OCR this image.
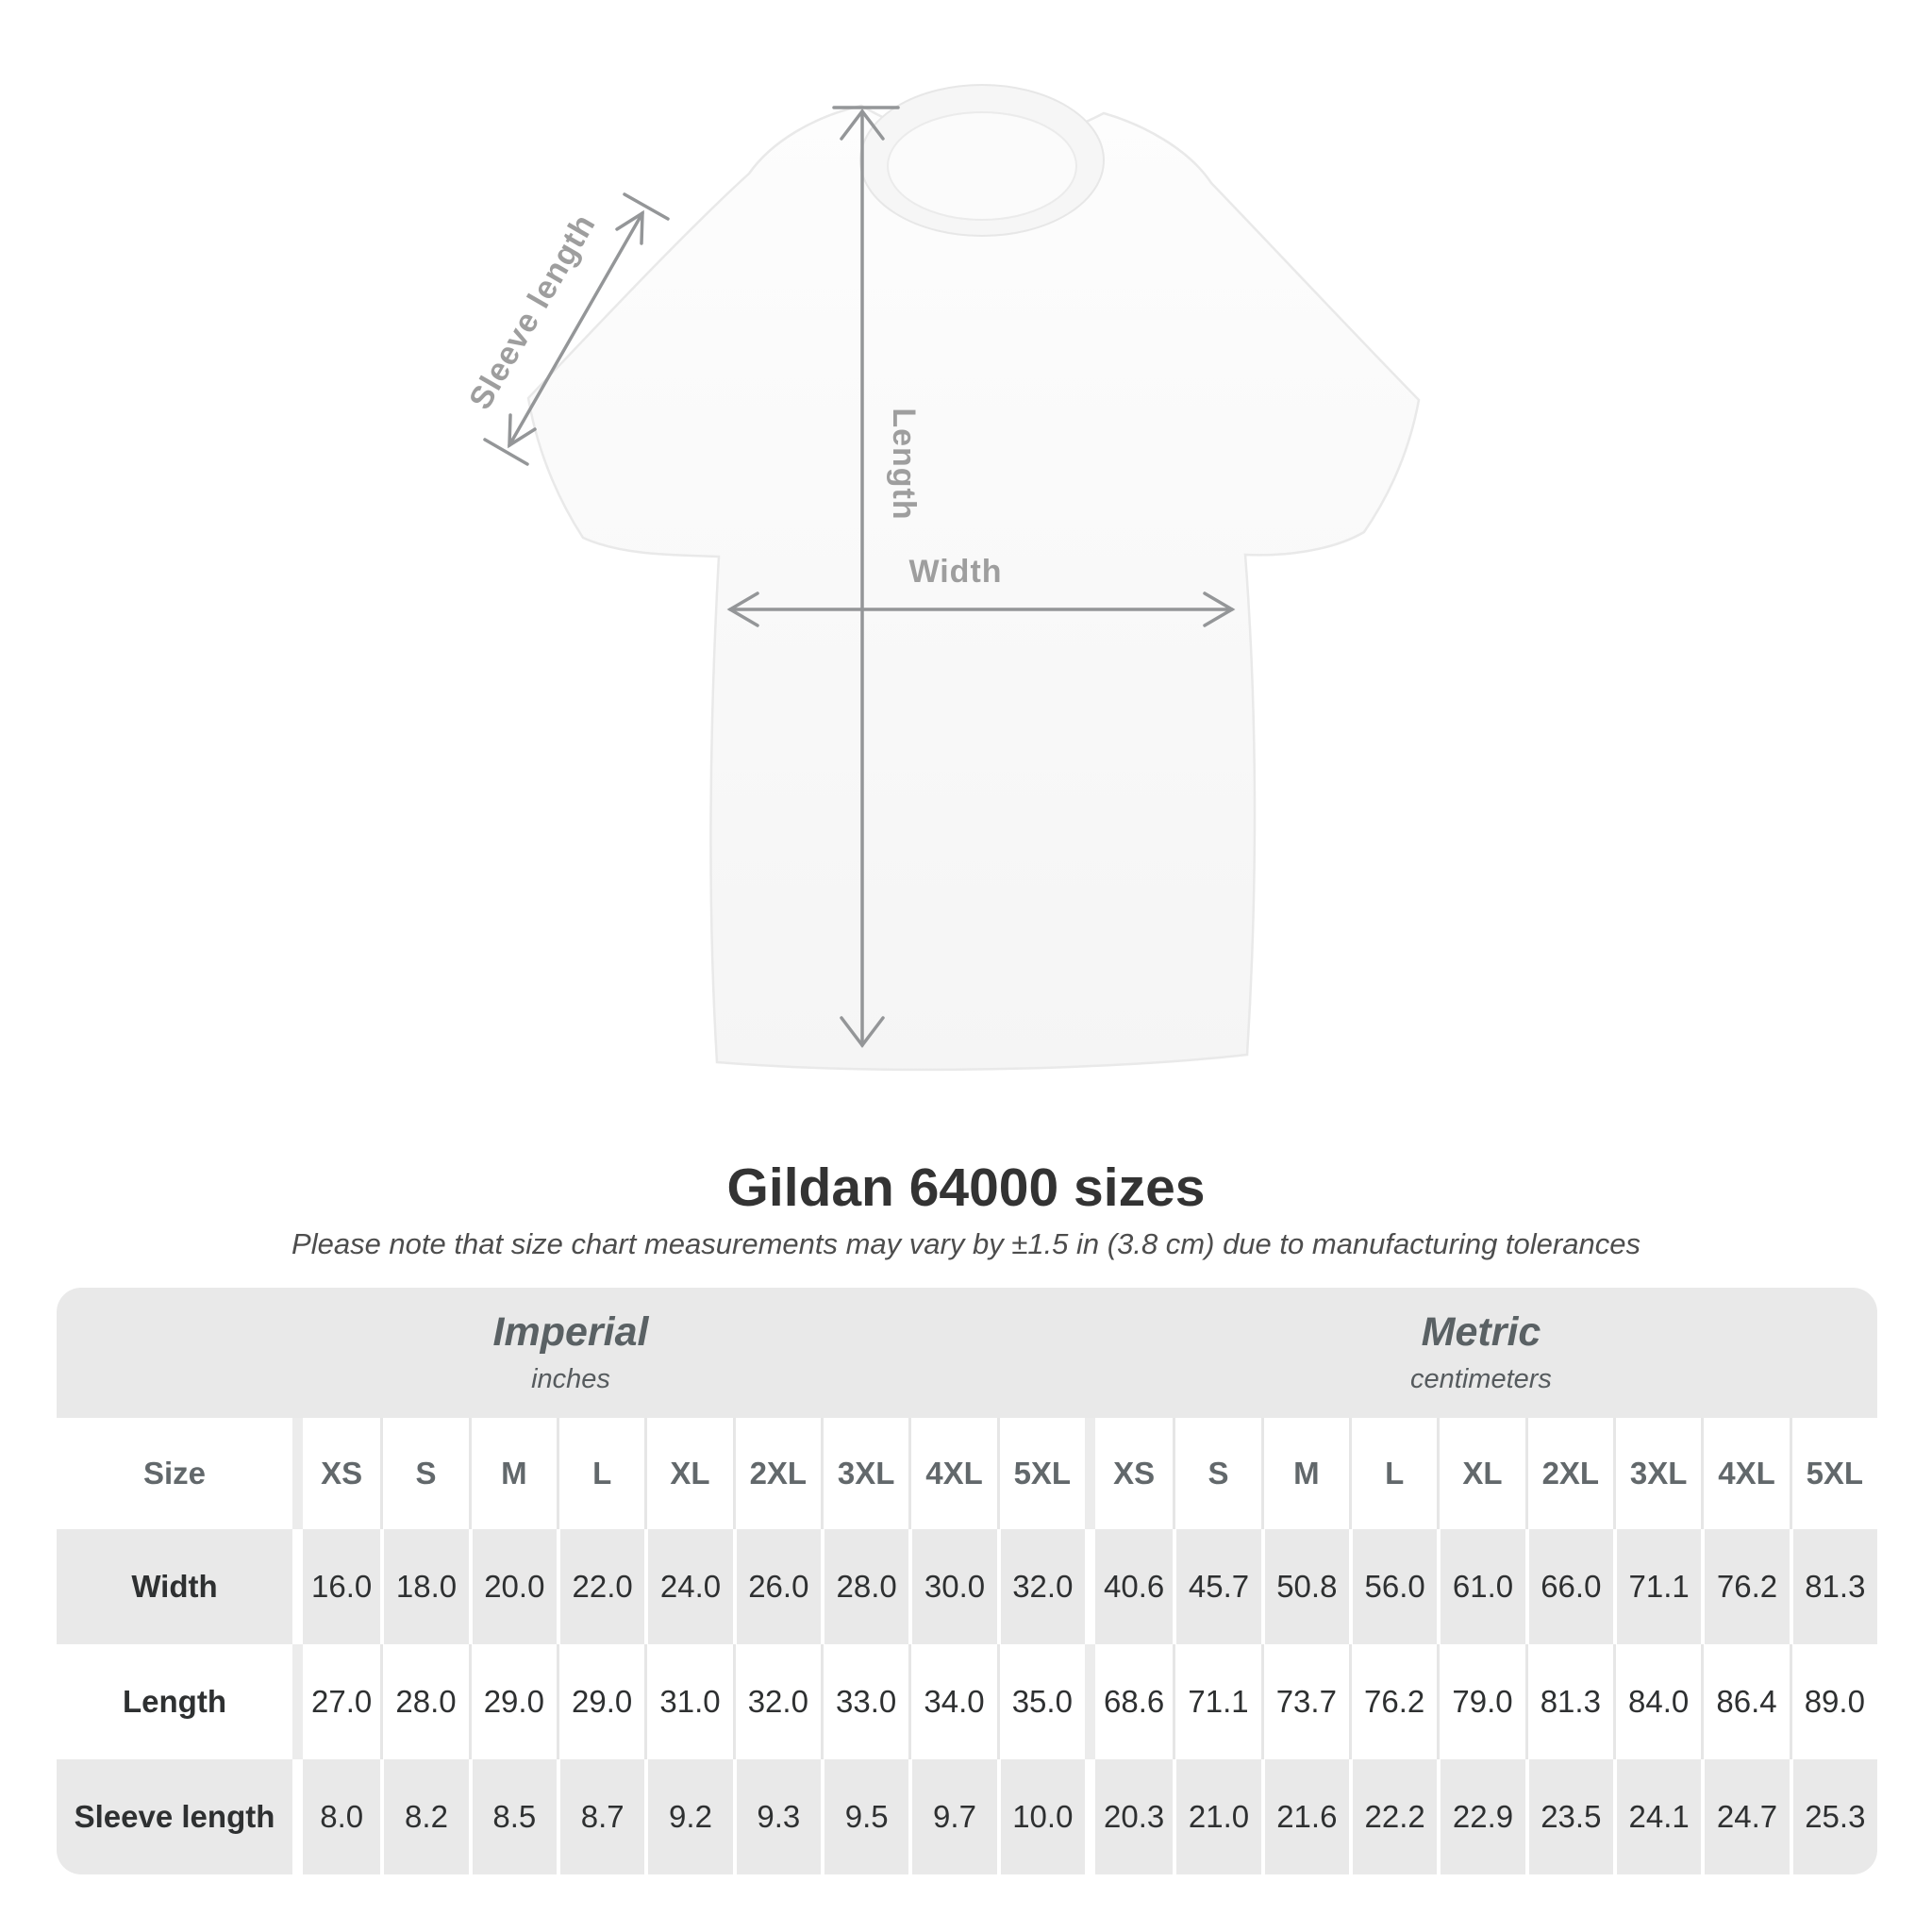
Sleeve length
Length
Width
Gildan 64000 sizes
Please note that size chart measurements may vary by ±1.5 in (3.8 cm) due to manufacturing tolerances
Imperial
inches
Metric
centimeters
Size	XS	S	M	L	XL	2XL 3XL 4XL 5XL	XS	S	M	L	XL	2XL 3XL 4XL 5XL
Width	16.0 18.0 20.0 22.0 24.0 26.0 28.0 30.0 32.0 40.6 45.7 50.8 56.0 61.0 66.0 71.1 76.2 81.3
Length	27.0 28.0 29.0 29.0 31.0 32.0 33.0 34.0 35.0	68.6 71.1 73.7 76.2 79.0 81.3 84.0 86.4 89.0
Sleeve length	8.0	8.2	8.5	8.7	9.2	9.3	9.5	9.7	10.0 20.3 21.0 21.6 22.2 22.9 23.5 24.1 24.7 25.3
